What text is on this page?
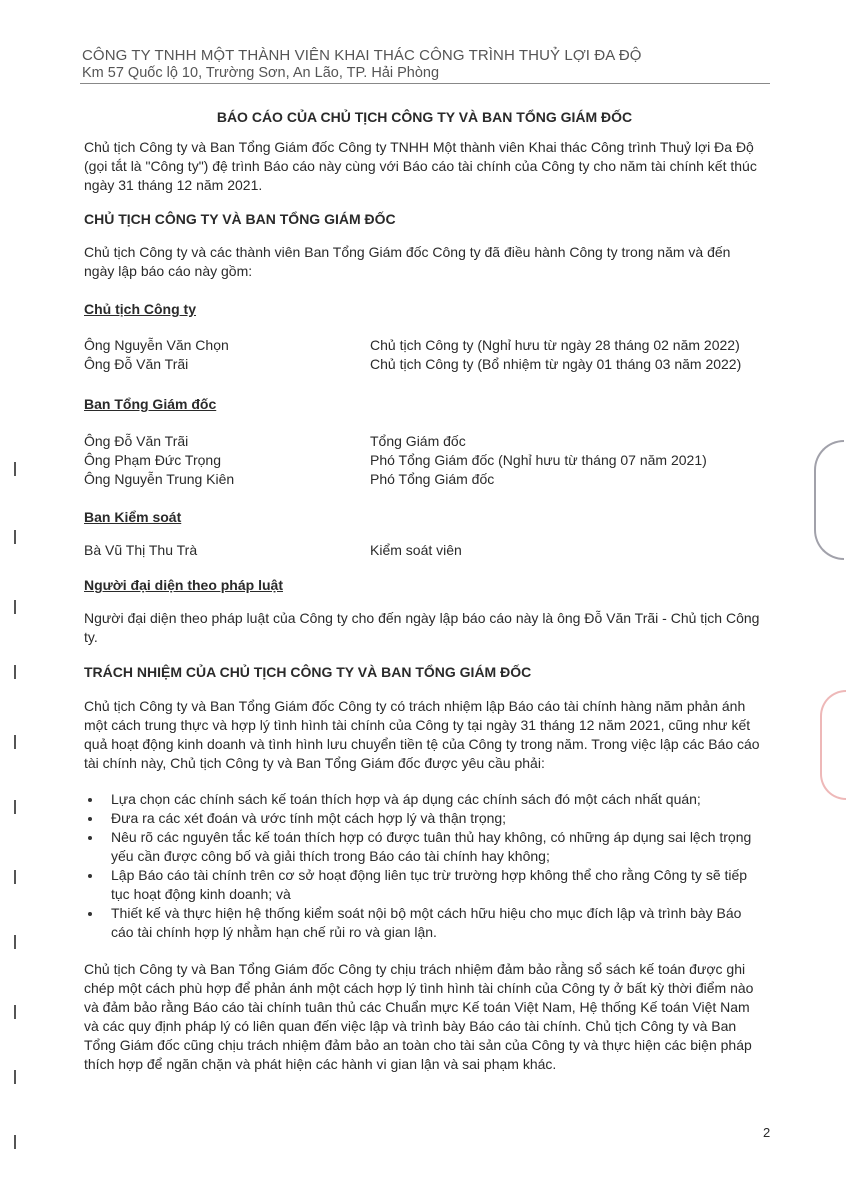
CÔNG TY TNHH MỘT THÀNH VIÊN KHAI THÁC CÔNG TRÌNH THUỶ LỢI ĐA ĐỘ
Km 57 Quốc lộ 10, Trường Sơn, An Lão, TP. Hải Phòng
BÁO CÁO CỦA CHỦ TỊCH CÔNG TY VÀ BAN TỔNG GIÁM ĐỐC
Chủ tịch Công ty và Ban Tổng Giám đốc Công ty TNHH Một thành viên Khai thác Công trình Thuỷ lợi Đa Độ
(gọi tắt là "Công ty") đệ trình Báo cáo này cùng với Báo cáo tài chính của Công ty cho năm tài chính kết thúc
ngày 31 tháng 12 năm 2021.
CHỦ TỊCH CÔNG TY VÀ BAN TỔNG GIÁM ĐỐC
Chủ tịch Công ty và các thành viên Ban Tổng Giám đốc Công ty đã điều hành Công ty trong năm và đến
ngày lập báo cáo này gồm:
Chủ tịch Công ty
Ông Nguyễn Văn Chọn	Chủ tịch Công ty (Nghỉ hưu từ ngày 28 tháng 02 năm 2022)
Ông Đỗ Văn Trãi	Chủ tịch Công ty (Bổ nhiệm từ ngày 01 tháng 03 năm 2022)
Ban Tổng Giám đốc
Ông Đỗ Văn Trãi	Tổng Giám đốc
Ông Phạm Đức Trọng	Phó Tổng Giám đốc (Nghỉ hưu từ tháng 07 năm 2021)
Ông Nguyễn Trung Kiên	Phó Tổng Giám đốc
Ban Kiểm soát
Bà Vũ Thị Thu Trà	Kiểm soát viên
Người đại diện theo pháp luật
Người đại diện theo pháp luật của Công ty cho đến ngày lập báo cáo này là ông Đỗ Văn Trãi - Chủ tịch Công
ty.
TRÁCH NHIỆM CỦA CHỦ TỊCH CÔNG TY VÀ BAN TỔNG GIÁM ĐỐC
Chủ tịch Công ty và Ban Tổng Giám đốc Công ty có trách nhiệm lập Báo cáo tài chính hàng năm phản ánh
một cách trung thực và hợp lý tình hình tài chính của Công ty tại ngày 31 tháng 12 năm 2021, cũng như kết
quả hoạt động kinh doanh và tình hình lưu chuyển tiền tệ của Công ty trong năm. Trong việc lập các Báo cáo
tài chính này, Chủ tịch Công ty và Ban Tổng Giám đốc được yêu cầu phải:
Lựa chọn các chính sách kế toán thích hợp và áp dụng các chính sách đó một cách nhất quán;
Đưa ra các xét đoán và ước tính một cách hợp lý và thận trọng;
Nêu rõ các nguyên tắc kế toán thích hợp có được tuân thủ hay không, có những áp dụng sai lệch trọng
yếu cần được công bố và giải thích trong Báo cáo tài chính hay không;
Lập Báo cáo tài chính trên cơ sở hoạt động liên tục trừ trường hợp không thể cho rằng Công ty sẽ tiếp
tục hoạt động kinh doanh; và
Thiết kế và thực hiện hệ thống kiểm soát nội bộ một cách hữu hiệu cho mục đích lập và trình bày Báo
cáo tài chính hợp lý nhằm hạn chế rủi ro và gian lận.
Chủ tịch Công ty và Ban Tổng Giám đốc Công ty chịu trách nhiệm đảm bảo rằng sổ sách kế toán được ghi
chép một cách phù hợp để phản ánh một cách hợp lý tình hình tài chính của Công ty ở bất kỳ thời điểm nào
và đảm bảo rằng Báo cáo tài chính tuân thủ các Chuẩn mực Kế toán Việt Nam, Hệ thống Kế toán Việt Nam
và các quy định pháp lý có liên quan đến việc lập và trình bày Báo cáo tài chính. Chủ tịch Công ty và Ban
Tổng Giám đốc cũng chịu trách nhiệm đảm bảo an toàn cho tài sản của Công ty và thực hiện các biện pháp
thích hợp để ngăn chặn và phát hiện các hành vi gian lận và sai phạm khác.
2
